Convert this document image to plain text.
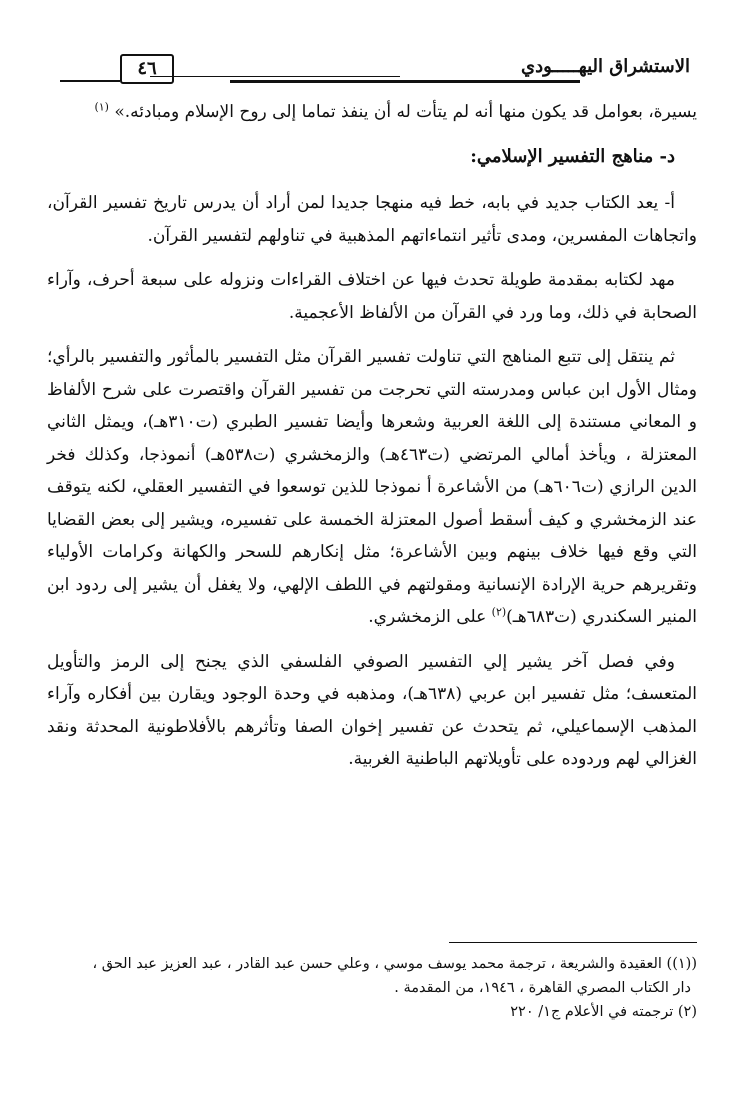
الاستشراق اليهـــــودي
٤٦

يسيرة، بعوامل قد يكون منها أنه لم يتأت له أن ينفذ تماما إلى روح الإسلام ومبادئه.» $^{(١)}$

د- مناهج التفسير الإسلامي:

أ- يعد الكتاب جديد في بابه، خط فيه منهجا جديدا لمن أراد أن يدرس تاريخ تفسير القرآن، واتجاهات المفسرين، ومدى تأثير انتماءاتهم المذهبية في تناولهم لتفسير القرآن.

مهد لكتابه بمقدمة طويلة تحدث فيها عن اختلاف القراءات ونزوله على سبعة أحرف، وآراء الصحابة في ذلك، وما ورد في القرآن من الألفاظ الأعجمية.

ثم ينتقل إلى تتبع المناهج التي تناولت تفسير القرآن مثل التفسير بالمأثور والتفسير بالرأي؛ ومثال الأول ابن عباس ومدرسته التي تحرجت من تفسير القرآن واقتصرت على شرح الألفاظ و المعاني مستندة إلى اللغة العربية وشعرها وأيضا تفسير الطبري (ت٣١٠هـ)، ويمثل الثاني المعتزلة ، ويأخذ أمالي المرتضي (ت٤٦٣هـ) والزمخشري (ت٥٣٨هـ) أنموذجا، وكذلك فخر الدين الرازي (ت٦٠٦هـ) من الأشاعرة أ نموذجا للذين توسعوا في التفسير العقلي، لكنه يتوقف عند الزمخشري و كيف أسقط أصول المعتزلة الخمسة على تفسيره، ويشير إلى بعض القضايا التي وقع فيها خلاف بينهم وبين الأشاعرة؛ مثل إنكارهم للسحر والكهانة وكرامات الأولياء وتقريرهم حرية الإرادة الإنسانية ومقولتهم في اللطف الإلهي، ولا يغفل أن يشير إلى ردود ابن المنير السكندري (ت٦٨٣هـ)$^{(٢)}$ على الزمخشري.

وفي فصل آخر يشير إلي التفسير الصوفي الفلسفي الذي يجنح إلى الرمز والتأويل المتعسف؛ مثل تفسير ابن عربي (٦٣٨هـ)، ومذهبه في وحدة الوجود ويقارن بين أفكاره وآراء المذهب الإسماعيلي، ثم يتحدث عن تفسير إخوان الصفا وتأثرهم بالأفلاطونية المحدثة ونقد الغزالي لهم وردوده على تأويلاتهم الباطنية الغربية.

((١)) العقيدة والشريعة ، ترجمة محمد يوسف موسي ، وعلي حسن عبد القادر ، عبد العزيز عبد الحق ،

دار الكتاب المصري القاهرة ، ١٩٤٦، من المقدمة .

(٢) ترجمته في الأعلام ج١/ ٢٢٠
